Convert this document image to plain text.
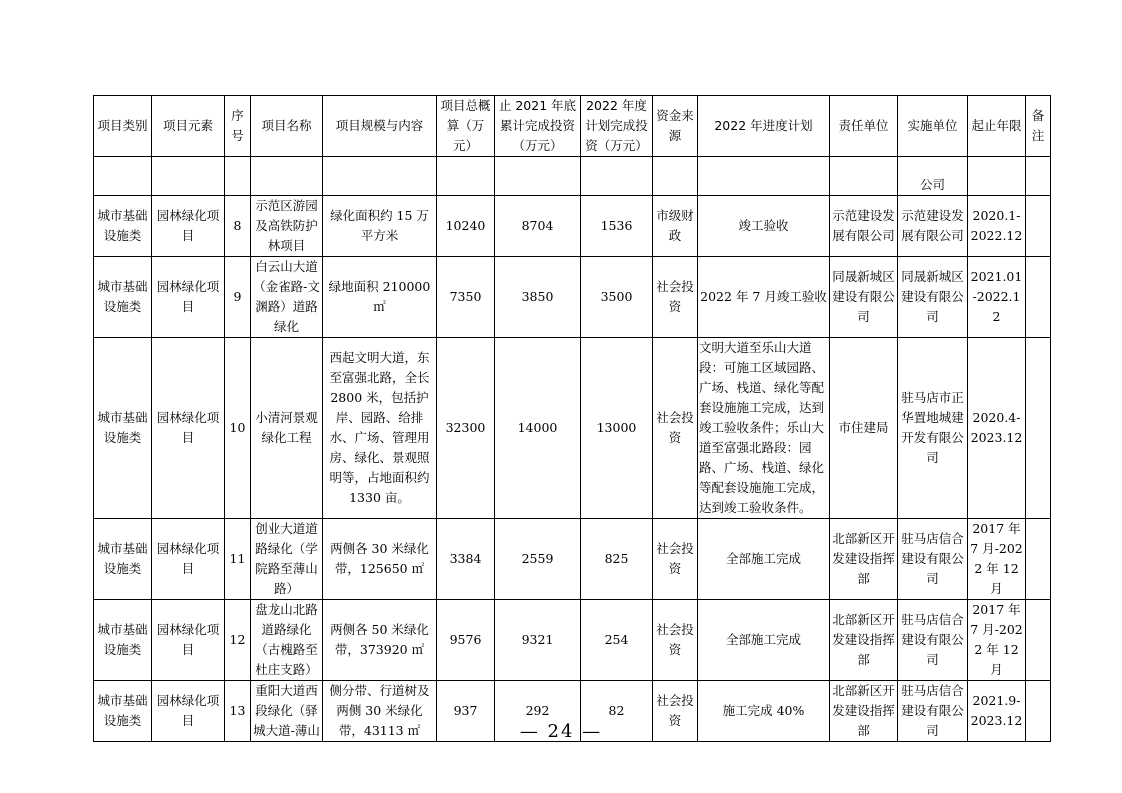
项目类别	项目元素	序号	项目名称	项目规模与内容	项目总概算（万元）	止 2021 年底累计完成投资（万元）	2022 年度计划完成投资（万元）	资金来源	2022 年进度计划	责任单位	实施单位	起止年限	备注
											公司		
城市基础设施类	园林绿化项目	8	示范区游园及高铁防护林项目	绿化面积约 15 万平方米	10240	8704	1536	市级财政	竣工验收	示范建设发展有限公司	示范建设发展有限公司	2020.1-2022.12	
城市基础设施类	园林绿化项目	9	白云山大道（金雀路-文渊路）道路绿化	绿地面积 210000 ㎡	7350	3850	3500	社会投资	2022 年 7 月竣工验收	同晟新城区建设有限公司	同晟新城区建设有限公司	2021.01-2022.12	
城市基础设施类	园林绿化项目	10	小清河景观绿化工程	西起文明大道，东至富强北路，全长 2800 米，包括护岸、园路、给排水、广场、管理用房、绿化、景观照明等，占地面积约 1330 亩。	32300	14000	13000	社会投资	文明大道至乐山大道段：可施工区域园路、广场、栈道、绿化等配套设施施工完成，达到竣工验收条件；乐山大道至富强北路段：园路、广场、栈道、绿化等配套设施施工完成，达到竣工验收条件。	市住建局	驻马店市正华置地城建开发有限公司	2020.4-2023.12	
城市基础设施类	园林绿化项目	11	创业大道道路绿化（学院路至薄山路）	两侧各 30 米绿化带，125650 ㎡	3384	2559	825	社会投资	全部施工完成	北部新区开发建设指挥部	驻马店信合建设有限公司	2017 年 7 月-2022 年 12 月	
城市基础设施类	园林绿化项目	12	盘龙山北路道路绿化（古槐路至杜庄支路）	两侧各 50 米绿化带，373920 ㎡	9576	9321	254	社会投资	全部施工完成	北部新区开发建设指挥部	驻马店信合建设有限公司	2017 年 7 月-2022 年 12 月	
城市基础设施类	园林绿化项目	13	重阳大道西段绿化（驿城大道-薄山	侧分带、行道树及两侧 30 米绿化带，43113 ㎡	937	292	82	社会投资	施工完成 40%	北部新区开发建设指挥部	驻马店信合建设有限公司	2021.9-2023.12	
— 24 —
